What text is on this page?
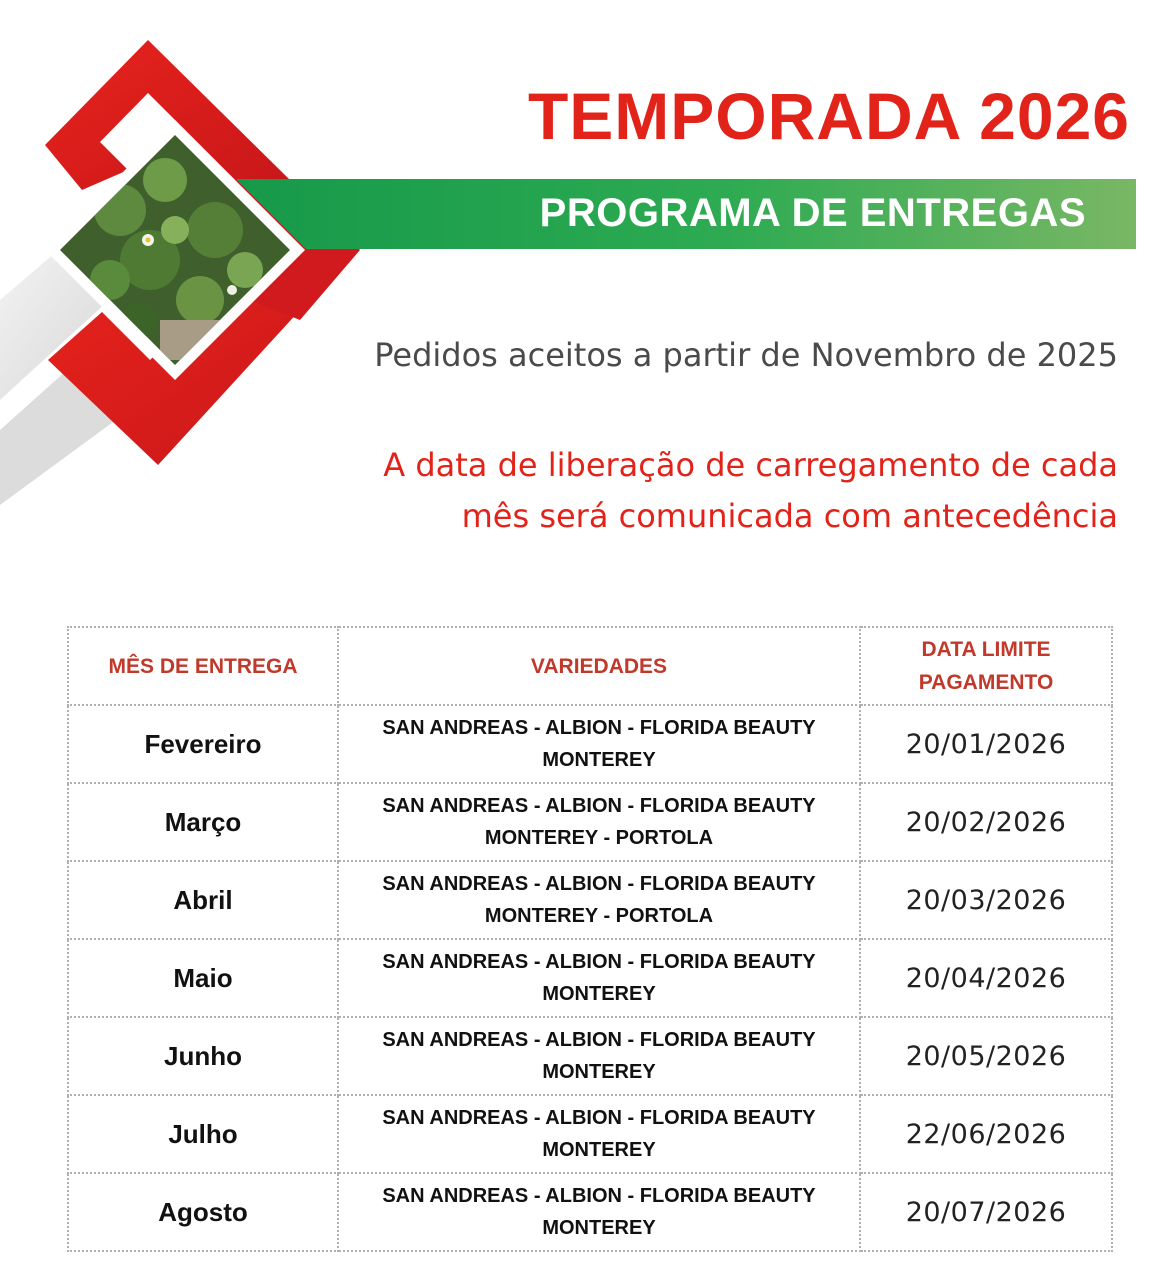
TEMPORADA 2026
PROGRAMA DE ENTREGAS

Pedidos aceitos a partir de Novembro de 2025

A data de liberação de carregamento de cada
mês será comunicada com antecedência

MÊS DE ENTREGA	VARIEDADES	DATA LIMITE
PAGAMENTO

Fevereiro	SAN ANDREAS - ALBION - FLORIDA BEAUTY
MONTEREY	20/01/2026
Março	SAN ANDREAS - ALBION - FLORIDA BEAUTY
MONTEREY - PORTOLA	20/02/2026
Abril	SAN ANDREAS - ALBION - FLORIDA BEAUTY
MONTEREY - PORTOLA	20/03/2026
Maio	SAN ANDREAS - ALBION - FLORIDA BEAUTY
MONTEREY	20/04/2026
Junho	SAN ANDREAS - ALBION - FLORIDA BEAUTY
MONTEREY	20/05/2026
Julho	SAN ANDREAS - ALBION - FLORIDA BEAUTY
MONTEREY	22/06/2026
Agosto	SAN ANDREAS - ALBION - FLORIDA BEAUTY
MONTEREY	20/07/2026
